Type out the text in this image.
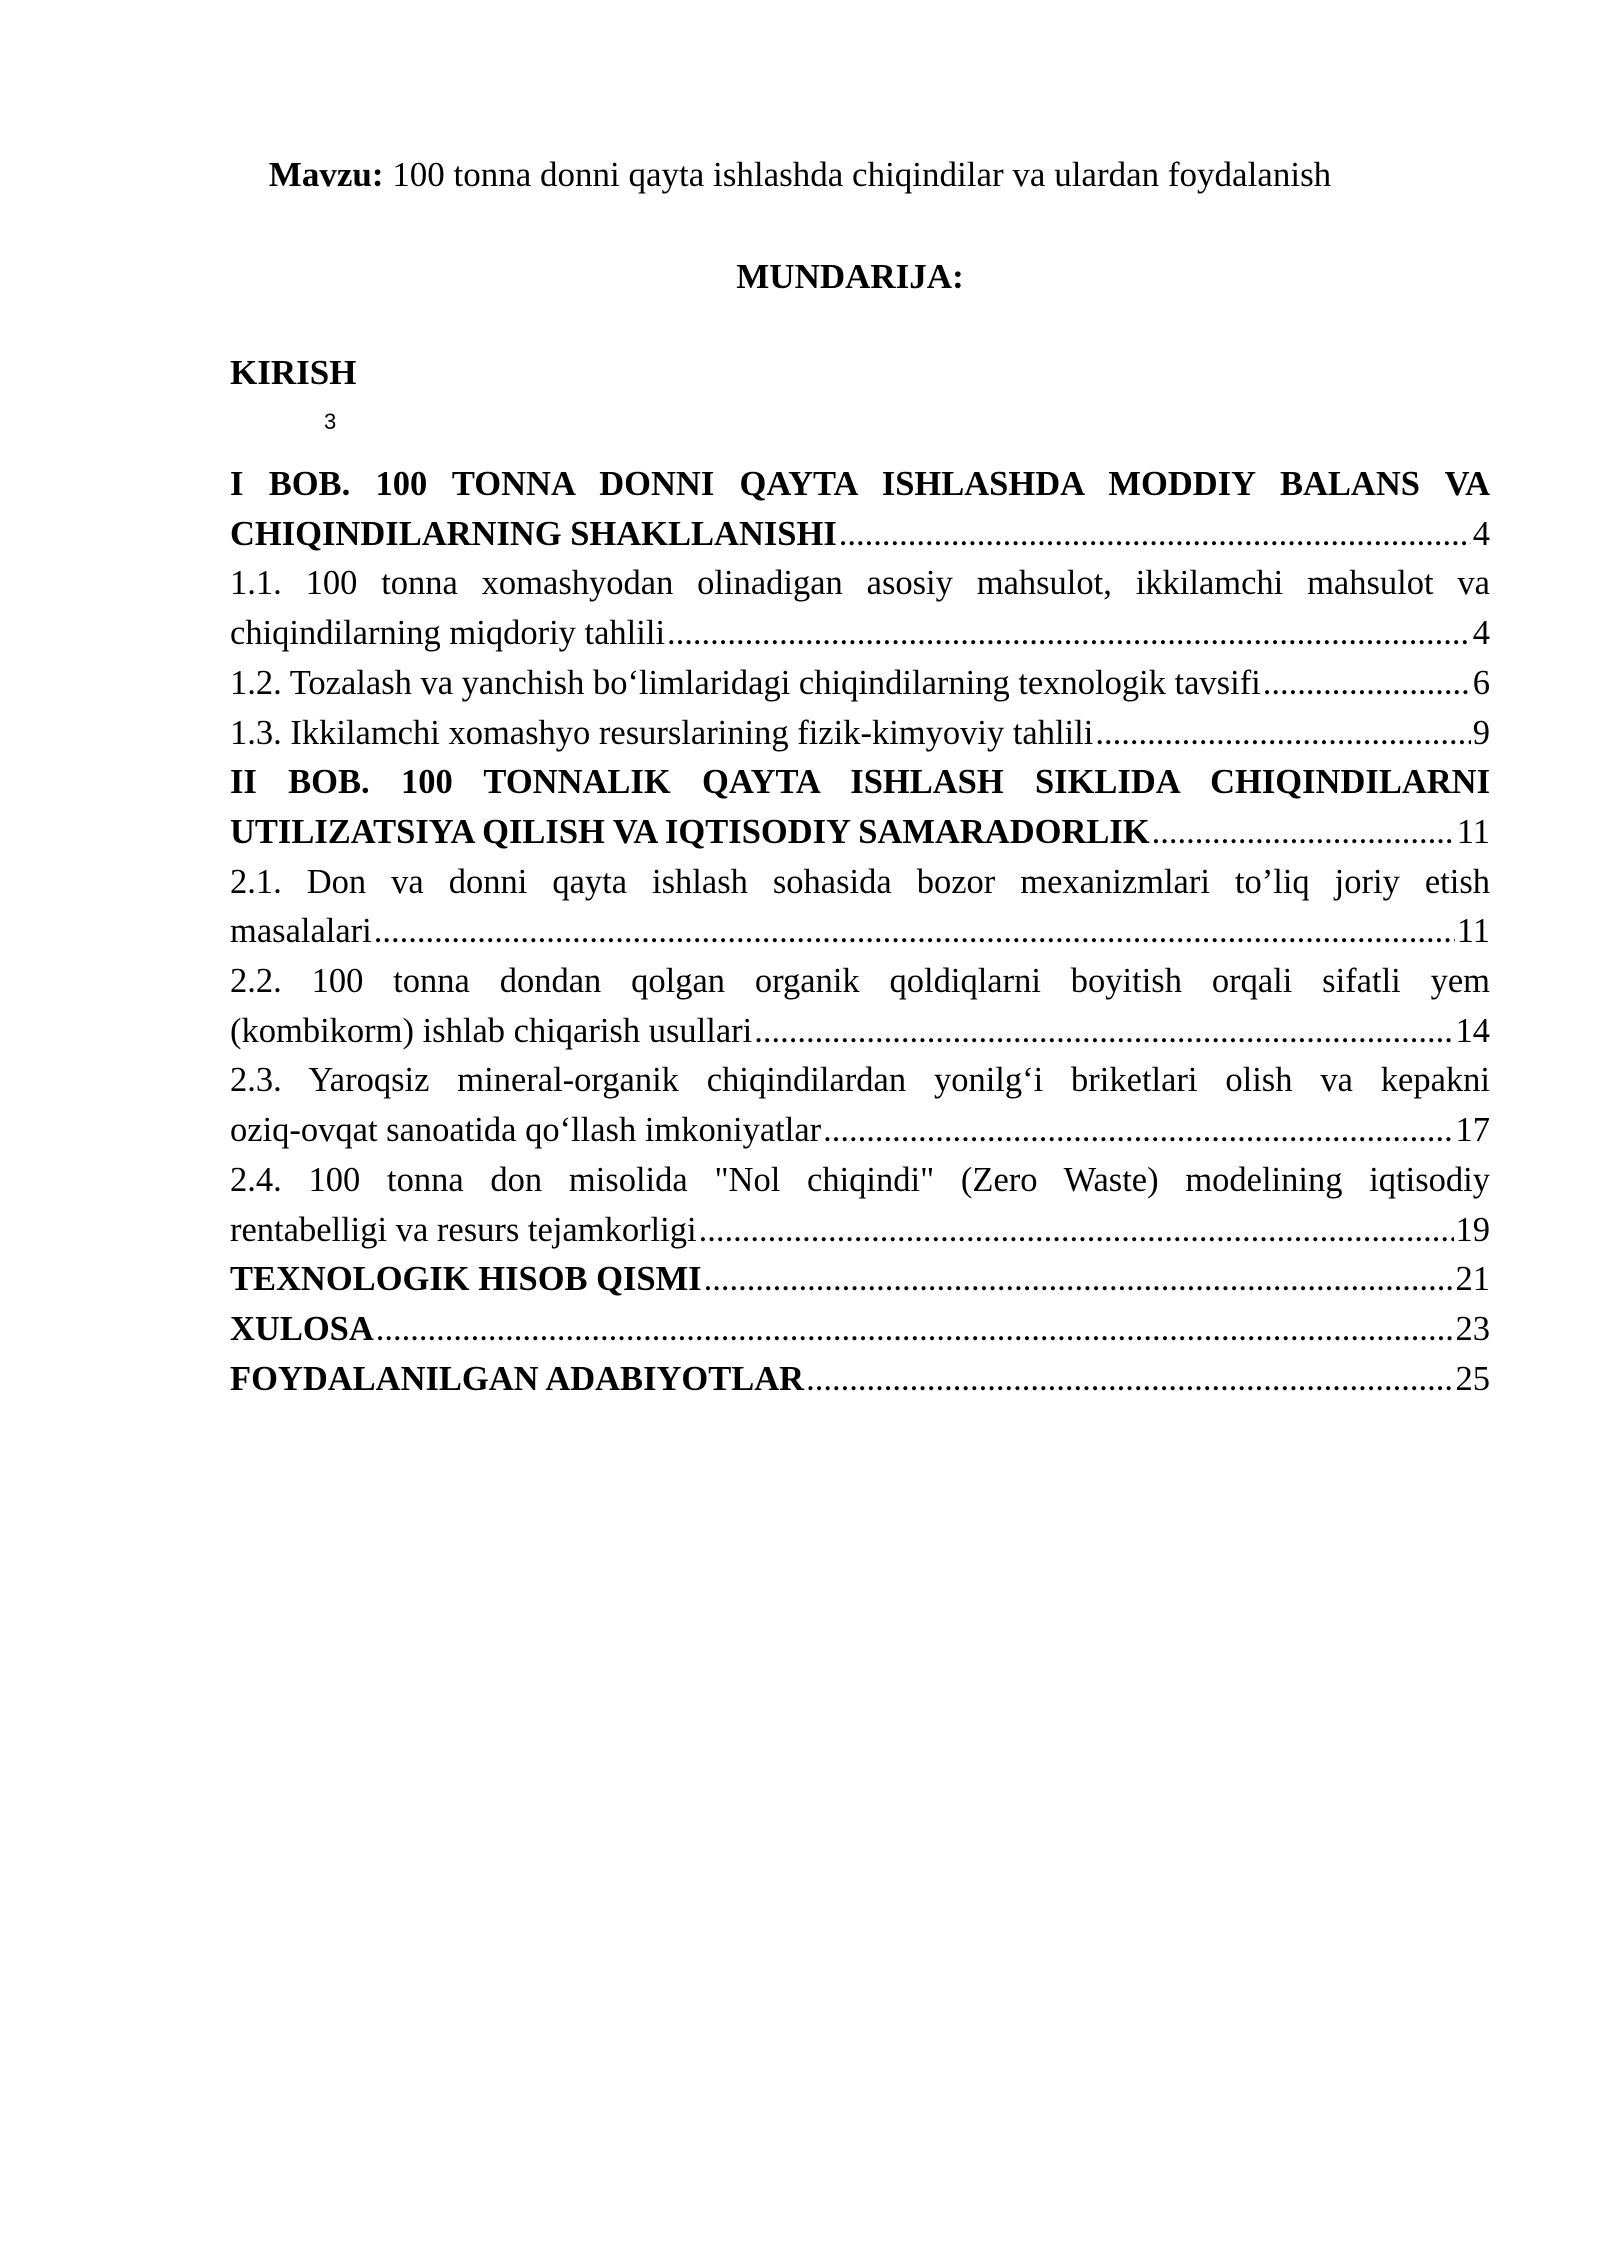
Mavzu: 100 tonna donni qayta ishlashda chiqindilar va ulardan foydalanish
MUNDARIJA:
KIRISH
3
I BOB. 100 TONNA DONNI QAYTA ISHLASHDA MODDIY BALANS VA
CHIQINDILARNING SHAKLLANISHI .....	4
1.1. 100 tonna xomashyodan olinadigan asosiy mahsulot, ikkilamchi mahsulot va
chiqindilarning miqdoriy tahlili .....	4
1.2. Tozalash va yanchish bo‘limlaridagi chiqindilarning texnologik tavsifi .....	6
1.3. Ikkilamchi xomashyo resurslarining fizik-kimyoviy tahlili .....	9
II BOB. 100 TONNALIK QAYTA ISHLASH SIKLIDA CHIQINDILARNI
UTILIZATSIYA QILISH VA IQTISODIY SAMARADORLIK .....	11
2.1. Don va donni qayta ishlash sohasida bozor mexanizmlari to’liq joriy etish
masalalari .....	11
2.2. 100 tonna dondan qolgan organik qoldiqlarni boyitish orqali sifatli yem
(kombikorm) ishlab chiqarish usullari .....	14
2.3. Yaroqsiz mineral-organik chiqindilardan yonilg‘i briketlari olish va kepakni
oziq-ovqat sanoatida qo‘llash imkoniyatlar .....	17
2.4. 100 tonna don misolida "Nol chiqindi" (Zero Waste) modelining iqtisodiy
rentabelligi va resurs tejamkorligi .....	19
TEXNOLOGIK HISOB QISMI .....	21
XULOSA .....	23
FOYDALANILGAN ADABIYOTLAR .....	25
